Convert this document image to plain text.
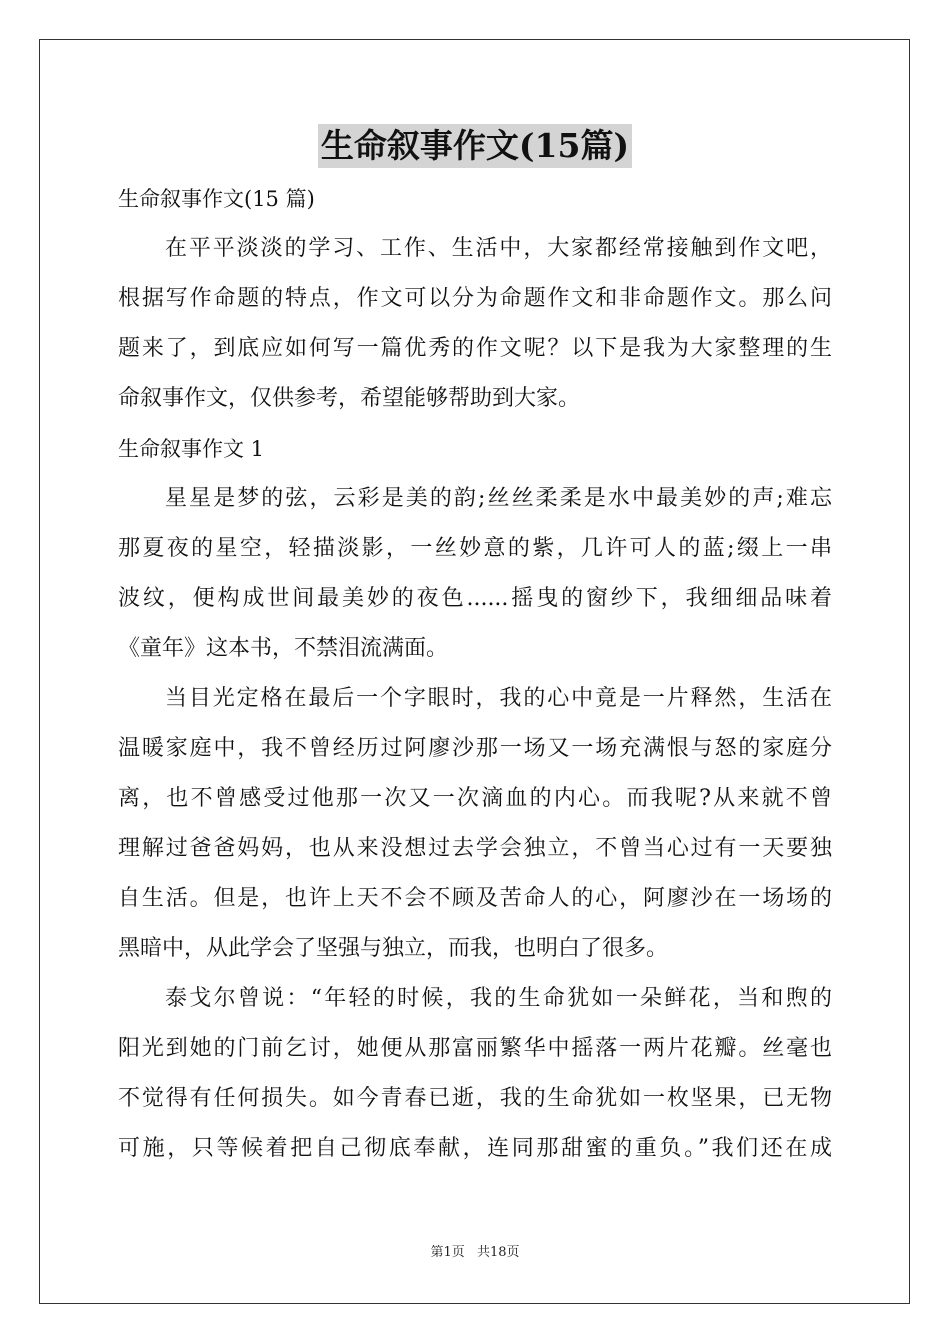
生命叙事作文(15篇)
生命叙事作文(15 篇)
在平平淡淡的学习、工作、生活中，大家都经常接触到作文吧，
根据写作命题的特点，作文可以分为命题作文和非命题作文。那么问
题来了，到底应如何写一篇优秀的作文呢？以下是我为大家整理的生
命叙事作文，仅供参考，希望能够帮助到大家。
生命叙事作文 1
星星是梦的弦，云彩是美的韵;丝丝柔柔是水中最美妙的声;难忘
那夏夜的星空，轻描淡影，一丝妙意的紫，几许可人的蓝;缀上一串
波纹，便构成世间最美妙的夜色......摇曳的窗纱下，我细细品味着
《童年》这本书，不禁泪流满面。
当目光定格在最后一个字眼时，我的心中竟是一片释然，生活在
温暖家庭中，我不曾经历过阿廖沙那一场又一场充满恨与怒的家庭分
离，也不曾感受过他那一次又一次滴血的内心。而我呢?从来就不曾
理解过爸爸妈妈，也从来没想过去学会独立，不曾当心过有一天要独
自生活。但是，也许上天不会不顾及苦命人的心，阿廖沙在一场场的
黑暗中，从此学会了坚强与独立，而我，也明白了很多。
泰戈尔曾说：“年轻的时候，我的生命犹如一朵鲜花，当和煦的
阳光到她的门前乞讨，她便从那富丽繁华中摇落一两片花瓣。丝毫也
不觉得有任何损失。如今青春已逝，我的生命犹如一枚坚果，已无物
可施，只等候着把自己彻底奉献，连同那甜蜜的重负。”我们还在成
第1页 共18页
